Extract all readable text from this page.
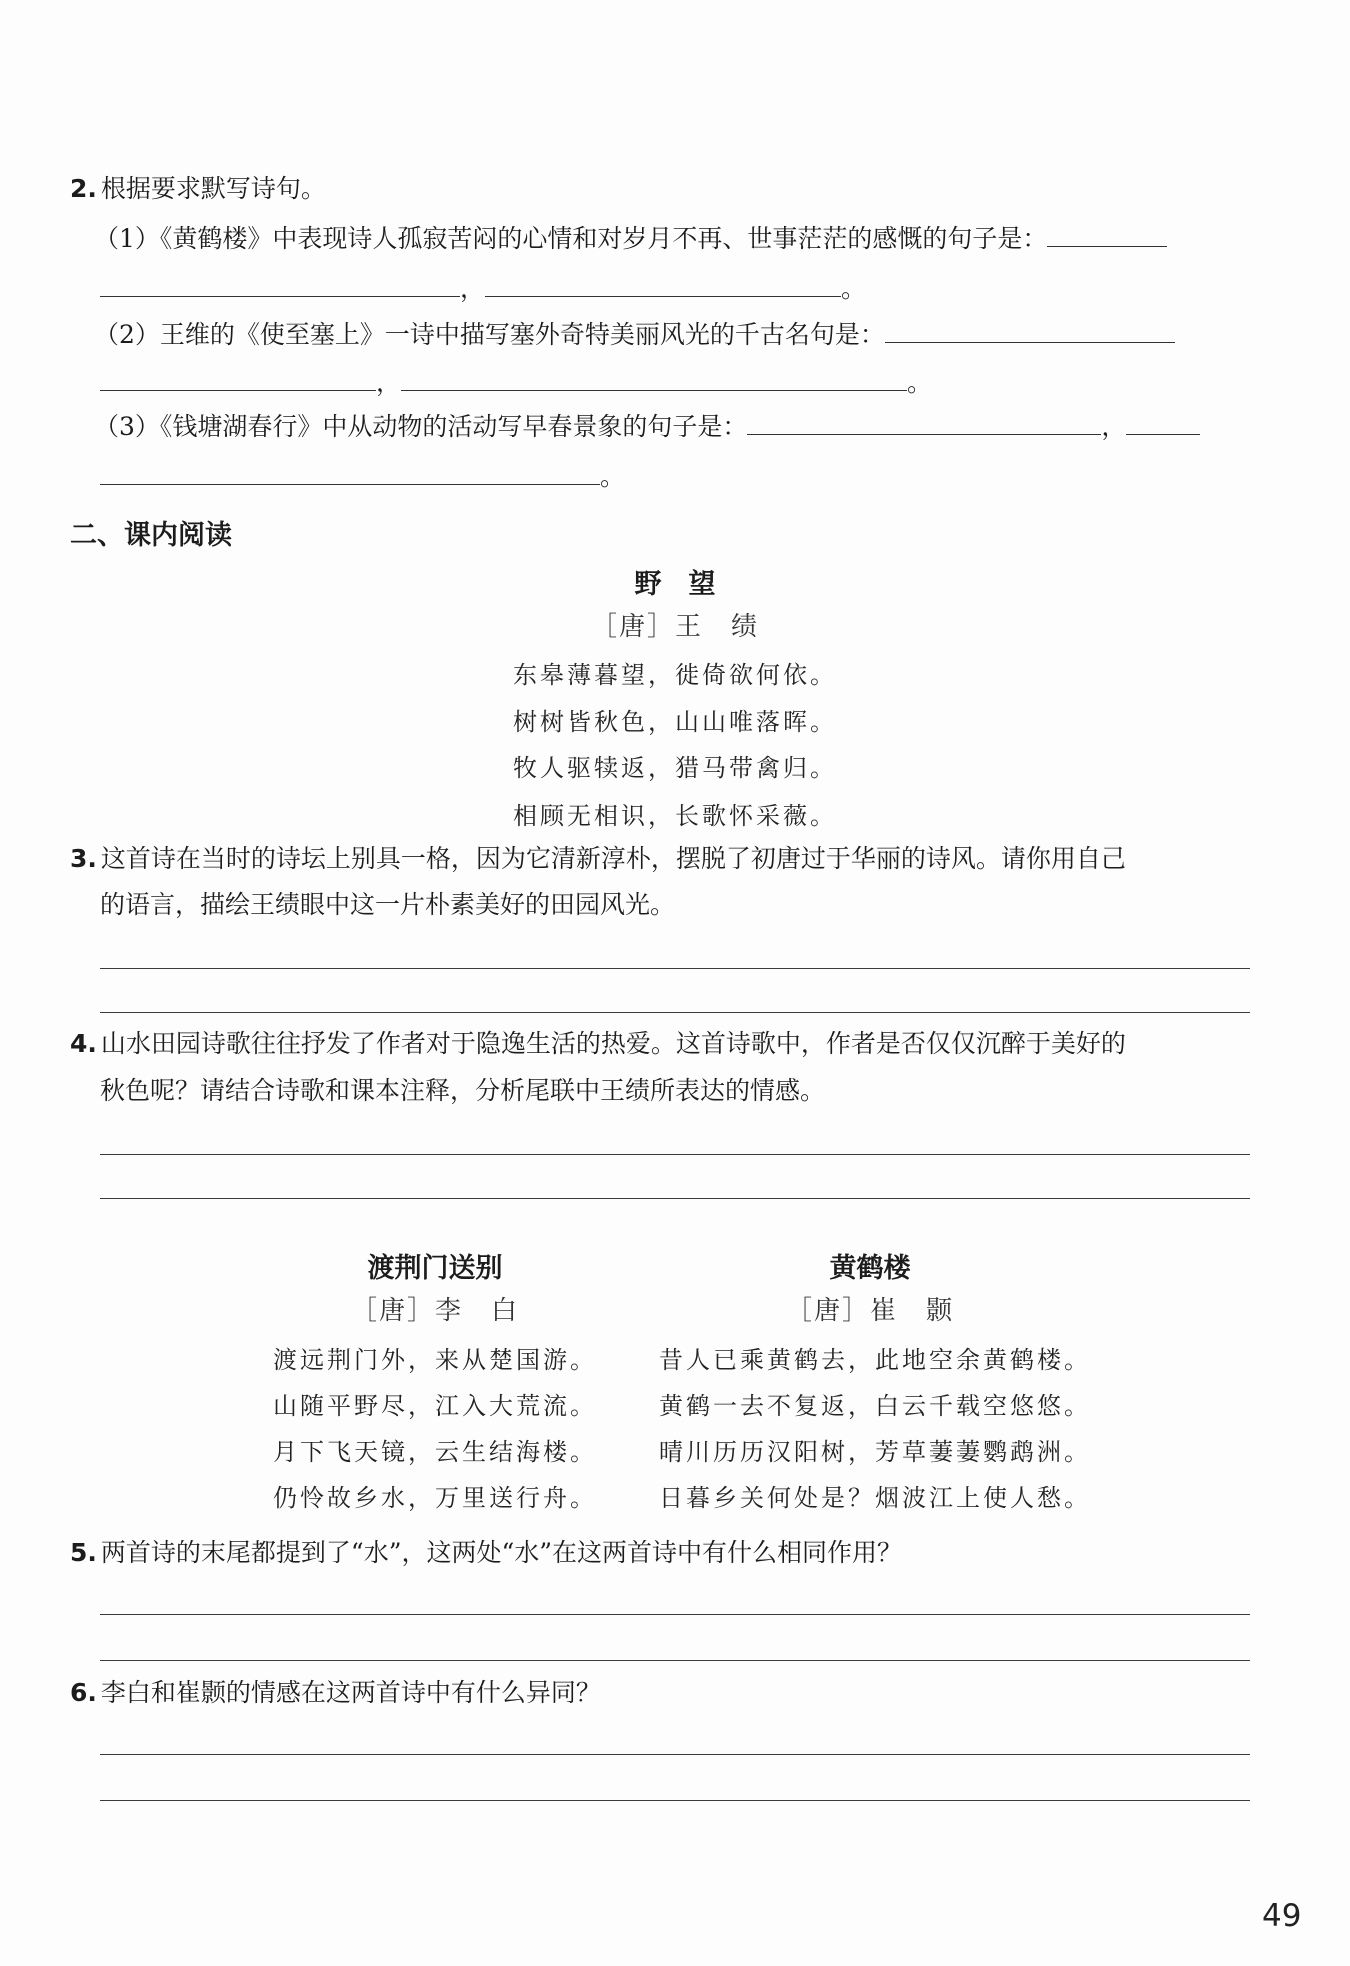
2. 根据要求默写诗句。
（1）《黄鹤楼》中表现诗人孤寂苦闷的心情和对岁月不再、世事茫茫的感慨的句子是：
，	。
（2）王维的《使至塞上》一诗中描写塞外奇特美丽风光的千古名句是：
，	。
（3）《钱塘湖春行》中从动物的活动写早春景象的句子是：	，
。
二、课内阅读
野　望
［唐］王　绩
东皋薄暮望，徙倚欲何依。
树树皆秋色，山山唯落晖。
牧人驱犊返，猎马带禽归。
相顾无相识，长歌怀采薇。
3. 这首诗在当时的诗坛上别具一格，因为它清新淳朴，摆脱了初唐过于华丽的诗风。请你用自己
的语言，描绘王绩眼中这一片朴素美好的田园风光。
4. 山水田园诗歌往往抒发了作者对于隐逸生活的热爱。这首诗歌中，作者是否仅仅沉醉于美好的
秋色呢？请结合诗歌和课本注释，分析尾联中王绩所表达的情感。
渡荆门送别
［唐］李　白
渡远荆门外，来从楚国游。
山随平野尽，江入大荒流。
月下飞天镜，云生结海楼。
仍怜故乡水，万里送行舟。
黄鹤楼
［唐］崔　颢
昔人已乘黄鹤去，此地空余黄鹤楼。
黄鹤一去不复返，白云千载空悠悠。
晴川历历汉阳树，芳草萋萋鹦鹉洲。
日暮乡关何处是？烟波江上使人愁。
5. 两首诗的末尾都提到了“水”，这两处“水”在这两首诗中有什么相同作用？
6. 李白和崔颢的情感在这两首诗中有什么异同？
49
